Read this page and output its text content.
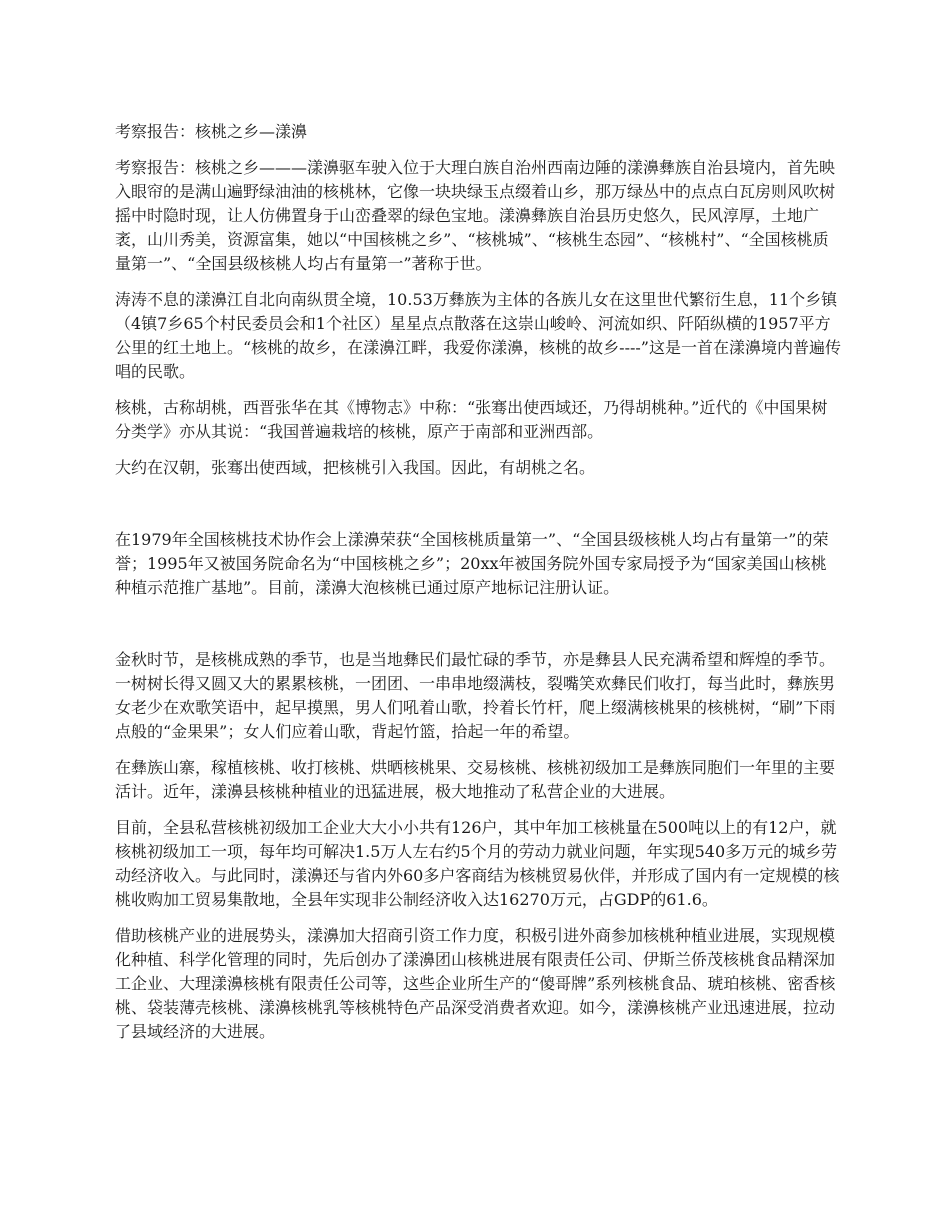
考察报告：核桃之乡—漾濞

考察报告：核桃之乡———漾濞驱车驶入位于大理白族自治州西南边陲的漾濞彝族自治县境内，首先映入眼帘的是满山遍野绿油油的核桃林，它像一块块绿玉点缀着山乡，那万绿丛中的点点白瓦房则风吹树摇中时隐时现，让人仿佛置身于山峦叠翠的绿色宝地。漾濞彝族自治县历史悠久，民风淳厚，土地广袤，山川秀美，资源富集，她以“中国核桃之乡”、“核桃城”、“核桃生态园”、“核桃村”、“全国核桃质量第一”、“全国县级核桃人均占有量第一”著称于世。

涛涛不息的漾濞江自北向南纵贯全境，10.53万彝族为主体的各族儿女在这里世代繁衍生息，11个乡镇（4镇7乡65个村民委员会和1个社区）星星点点散落在这崇山峻岭、河流如织、阡陌纵横的1957平方公里的红土地上。“核桃的故乡，在漾濞江畔，我爱你漾濞，核桃的故乡----”这是一首在漾濞境内普遍传唱的民歌。

核桃，古称胡桃，西晋张华在其《博物志》中称：“张骞出使西域还，乃得胡桃种。”近代的《中国果树分类学》亦从其说：“我国普遍栽培的核桃，原产于南部和亚洲西部。

大约在汉朝，张骞出使西域，把核桃引入我国。因此，有胡桃之名。

在1979年全国核桃技术协作会上漾濞荣获“全国核桃质量第一”、“全国县级核桃人均占有量第一”的荣誉；1995年又被国务院命名为“中国核桃之乡”；20xx年被国务院外国专家局授予为“国家美国山核桃种植示范推广基地”。目前，漾濞大泡核桃已通过原产地标记注册认证。

金秋时节，是核桃成熟的季节，也是当地彝民们最忙碌的季节，亦是彝县人民充满希望和辉煌的季节。一树树长得又圆又大的累累核桃，一团团、一串串地缀满枝，裂嘴笑欢彝民们收打，每当此时，彝族男女老少在欢歌笑语中，起早摸黑，男人们吼着山歌，拎着长竹杆，爬上缀满核桃果的核桃树，“刷”下雨点般的“金果果”；女人们应着山歌，背起竹篮，拾起一年的希望。

在彝族山寨，稼植核桃、收打核桃、烘晒核桃果、交易核桃、核桃初级加工是彝族同胞们一年里的主要活计。近年，漾濞县核桃种植业的迅猛进展，极大地推动了私营企业的大进展。

目前，全县私营核桃初级加工企业大大小小共有126户，其中年加工核桃量在500吨以上的有12户，就核桃初级加工一项，每年均可解决1.5万人左右约5个月的劳动力就业问题，年实现540多万元的城乡劳动经济收入。与此同时，漾濞还与省内外60多户客商结为核桃贸易伙伴，并形成了国内有一定规模的核桃收购加工贸易集散地，全县年实现非公制经济收入达16270万元，占GDP的61.6。

借助核桃产业的进展势头，漾濞加大招商引资工作力度，积极引进外商参加核桃种植业进展，实现规模化种植、科学化管理的同时，先后创办了漾濞团山核桃进展有限责任公司、伊斯兰侨茂核桃食品精深加工企业、大理漾濞核桃有限责任公司等，这些企业所生产的“傻哥牌”系列核桃食品、琥珀核桃、密香核桃、袋装薄壳核桃、漾濞核桃乳等核桃特色产品深受消费者欢迎。如今，漾濞核桃产业迅速进展，拉动了县域经济的大进展。
